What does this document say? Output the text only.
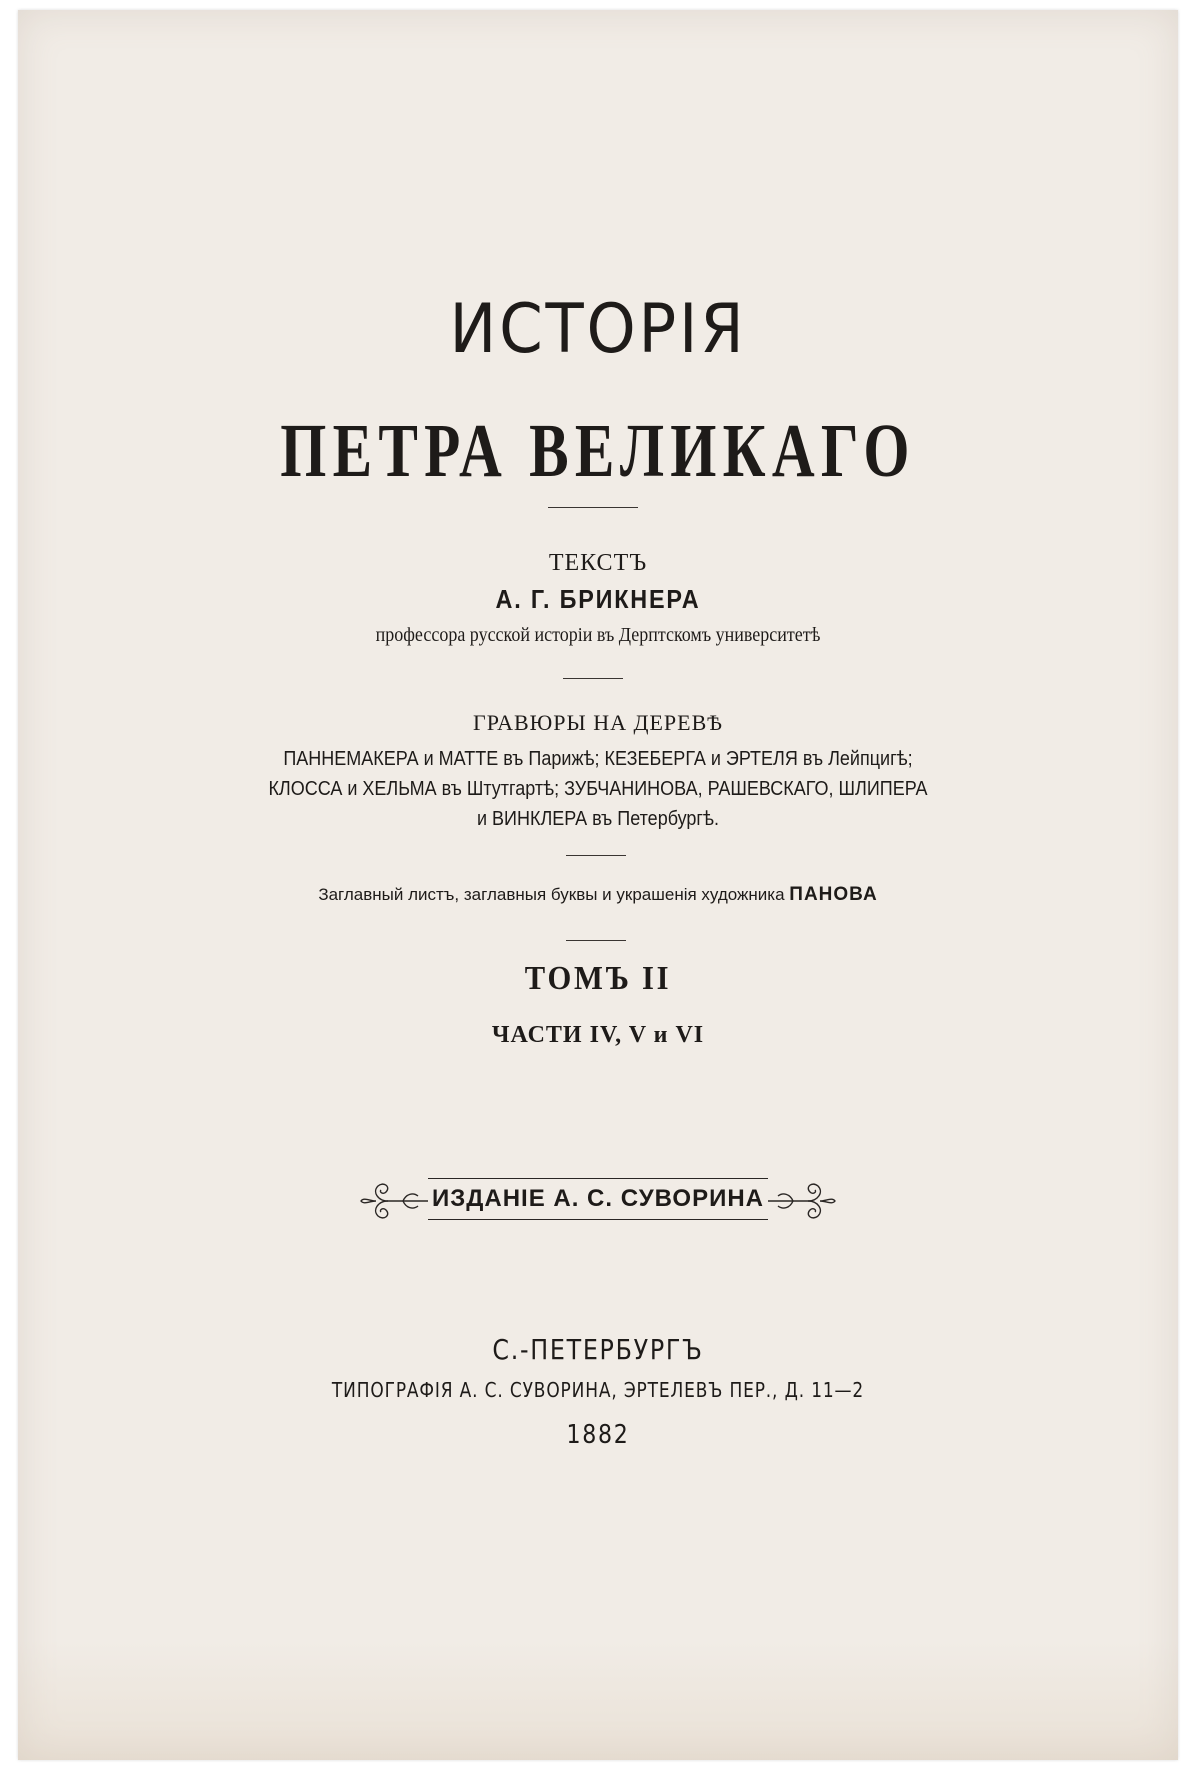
ИСТОРІЯ
ПЕТРА ВЕЛИКАГО

ТЕКСТЪ

А. Г. БРИКНЕРА

профессора русской исторіи въ Дерптскомъ университетѣ

ГРАВЮРЫ НА ДЕРЕВѢ

ПАННЕМАКЕРА и МАТТЕ въ Парижѣ; КЕЗЕБЕРГА и ЭРТЕЛЯ въ Лейпцигѣ;

КЛОССА и ХЕЛЬМА въ Штутгартѣ; ЗУБЧАНИНОВА, РАШЕВСКАГО, ШЛИПЕРА

и ВИНКЛЕРА въ Петербургѣ.

Заглавный листъ, заглавныя буквы и украшенія художника ПАНОВА

ТОМЪ II

ЧАСТИ IV, V и VI

ИЗДАНІЕ А. С. СУВОРИНА

С.-ПЕТЕРБУРГЪ

ТИПОГРАФІЯ А. С. СУВОРИНА, ЭРТЕЛЕВЪ ПЕР., Д. 11—2

1882
